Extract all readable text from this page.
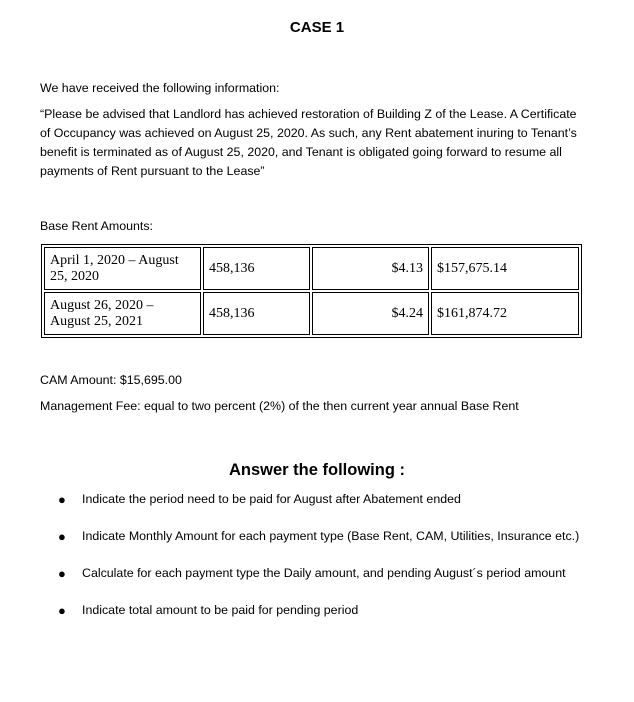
CASE 1
We have received the following information:
“Please be advised that Landlord has achieved restoration of Building Z of the Lease. A Certificate of Occupancy was achieved on August 25, 2020. As such, any Rent abatement inuring to Tenant’s benefit is terminated as of August 25, 2020, and Tenant is obligated going forward to resume all payments of Rent pursuant to the Lease”
Base Rent Amounts:
April 1, 2020 – August 25, 2020	458,136	$4.13	$157,675.14
August 26, 2020 – August 25, 2021	458,136	$4.24	$161,874.72
CAM Amount: $15,695.00
Management Fee: equal to two percent (2%) of the then current year annual Base Rent
Answer the following :
● Indicate the period need to be paid for August after Abatement ended
● Indicate Monthly Amount for each payment type (Base Rent, CAM, Utilities, Insurance etc.)
● Calculate for each payment type the Daily amount, and pending August´s period amount
● Indicate total amount to be paid for pending period
